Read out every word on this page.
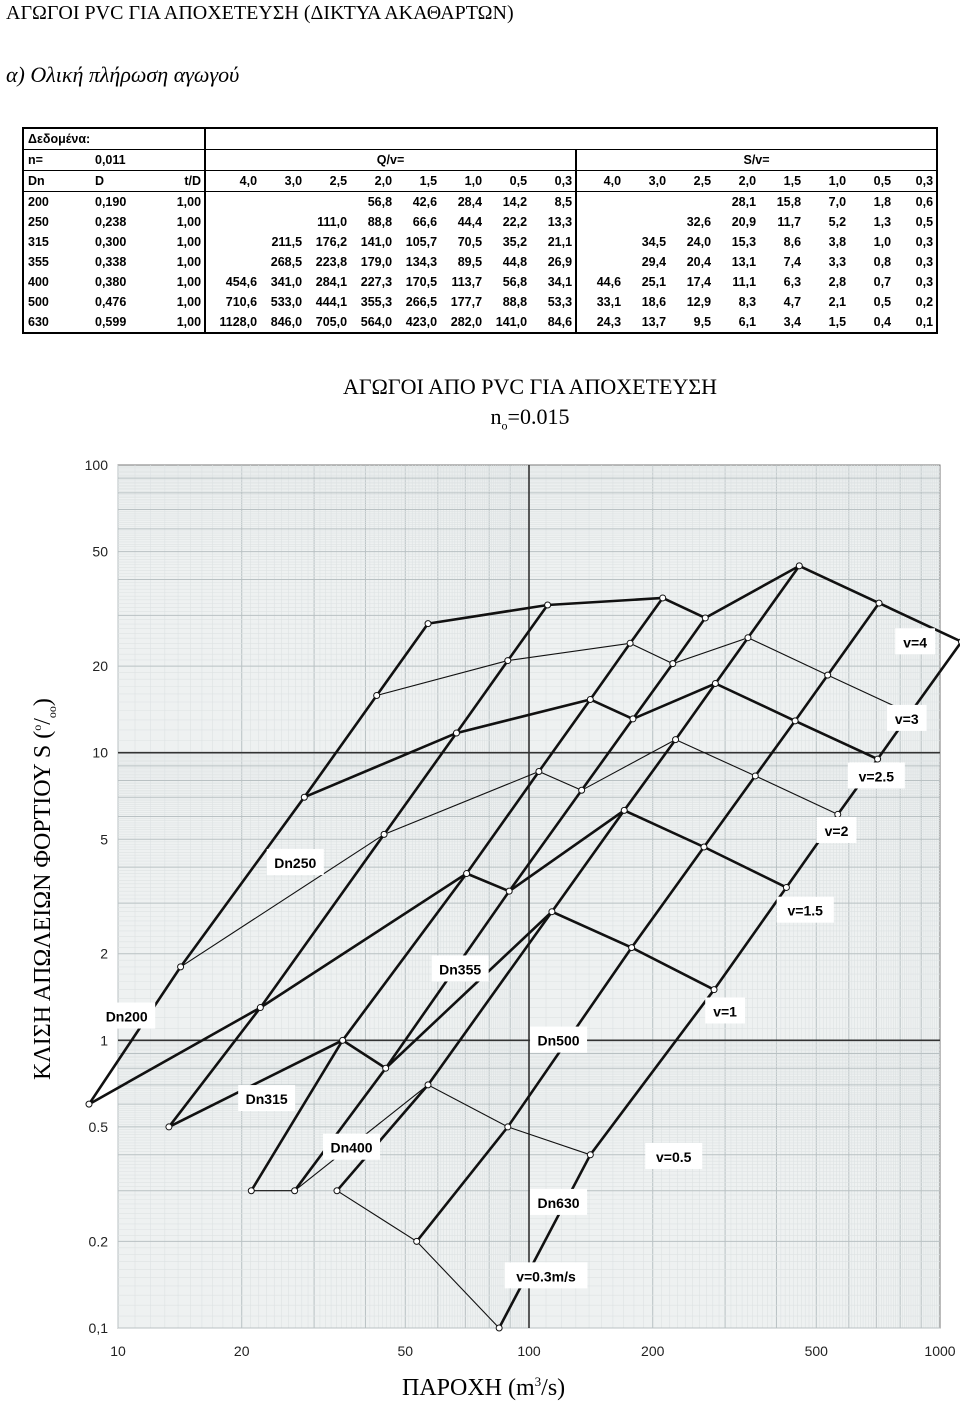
ΑΓΩΓΟΙ PVC ΓΙΑ ΑΠΟΧΕΤΕΥΣΗ (ΔΙΚΤΥΑ ΑΚΑΘΑΡΤΩΝ)
α) Ολική πλήρωση αγωγού
Δεδομένα:																		
n=	0,011		Q/v=								S/v=							
Dn	D	t/D	4,0	3,0	2,5	2,0	1,5	1,0	0,5	0,3	4,0	3,0	2,5	2,0	1,5	1,0	0,5	0,3
200	0,190	1,00				56,8	42,6	28,4	14,2	8,5				28,1	15,8	7,0	1,8	0,6
250	0,238	1,00			111,0	88,8	66,6	44,4	22,2	13,3			32,6	20,9	11,7	5,2	1,3	0,5
315	0,300	1,00		211,5	176,2	141,0	105,7	70,5	35,2	21,1		34,5	24,0	15,3	8,6	3,8	1,0	0,3
355	0,338	1,00		268,5	223,8	179,0	134,3	89,5	44,8	26,9		29,4	20,4	13,1	7,4	3,3	0,8	0,3
400	0,380	1,00	454,6	341,0	284,1	227,3	170,5	113,7	56,8	34,1	44,6	25,1	17,4	11,1	6,3	2,8	0,7	0,3
500	0,476	1,00	710,6	533,0	444,1	355,3	266,5	177,7	88,8	53,3	33,1	18,6	12,9	8,3	4,7	2,1	0,5	0,2
630	0,599	1,00	1128,0	846,0	705,0	564,0	423,0	282,0	141,0	84,6	24,3	13,7	9,5	6,1	3,4	1,5	0,4	0,1
ΑΓΩΓΟΙ ΑΠΟ PVC ΓΙΑ ΑΠΟΧΕΤΕΥΣΗ
$n_o=0.015$
ΚΛΙΣΗ ΑΠΩΛΕΙΩΝ ΦΟΡΤΙΟΥ S $(^o/_{oo})$
ΠΑΡΟΧΗ $(m^3/s)$
10	20	50	100	200	500	1000
0,1
0.2
0.5
1
2
5
10
20
50
100
Dn200
Dn250
Dn315
Dn355
Dn400
Dn500
Dn630
v=4
v=3
v=2.5
v=2
v=1.5
v=1
v=0.5
v=0.3m/s
